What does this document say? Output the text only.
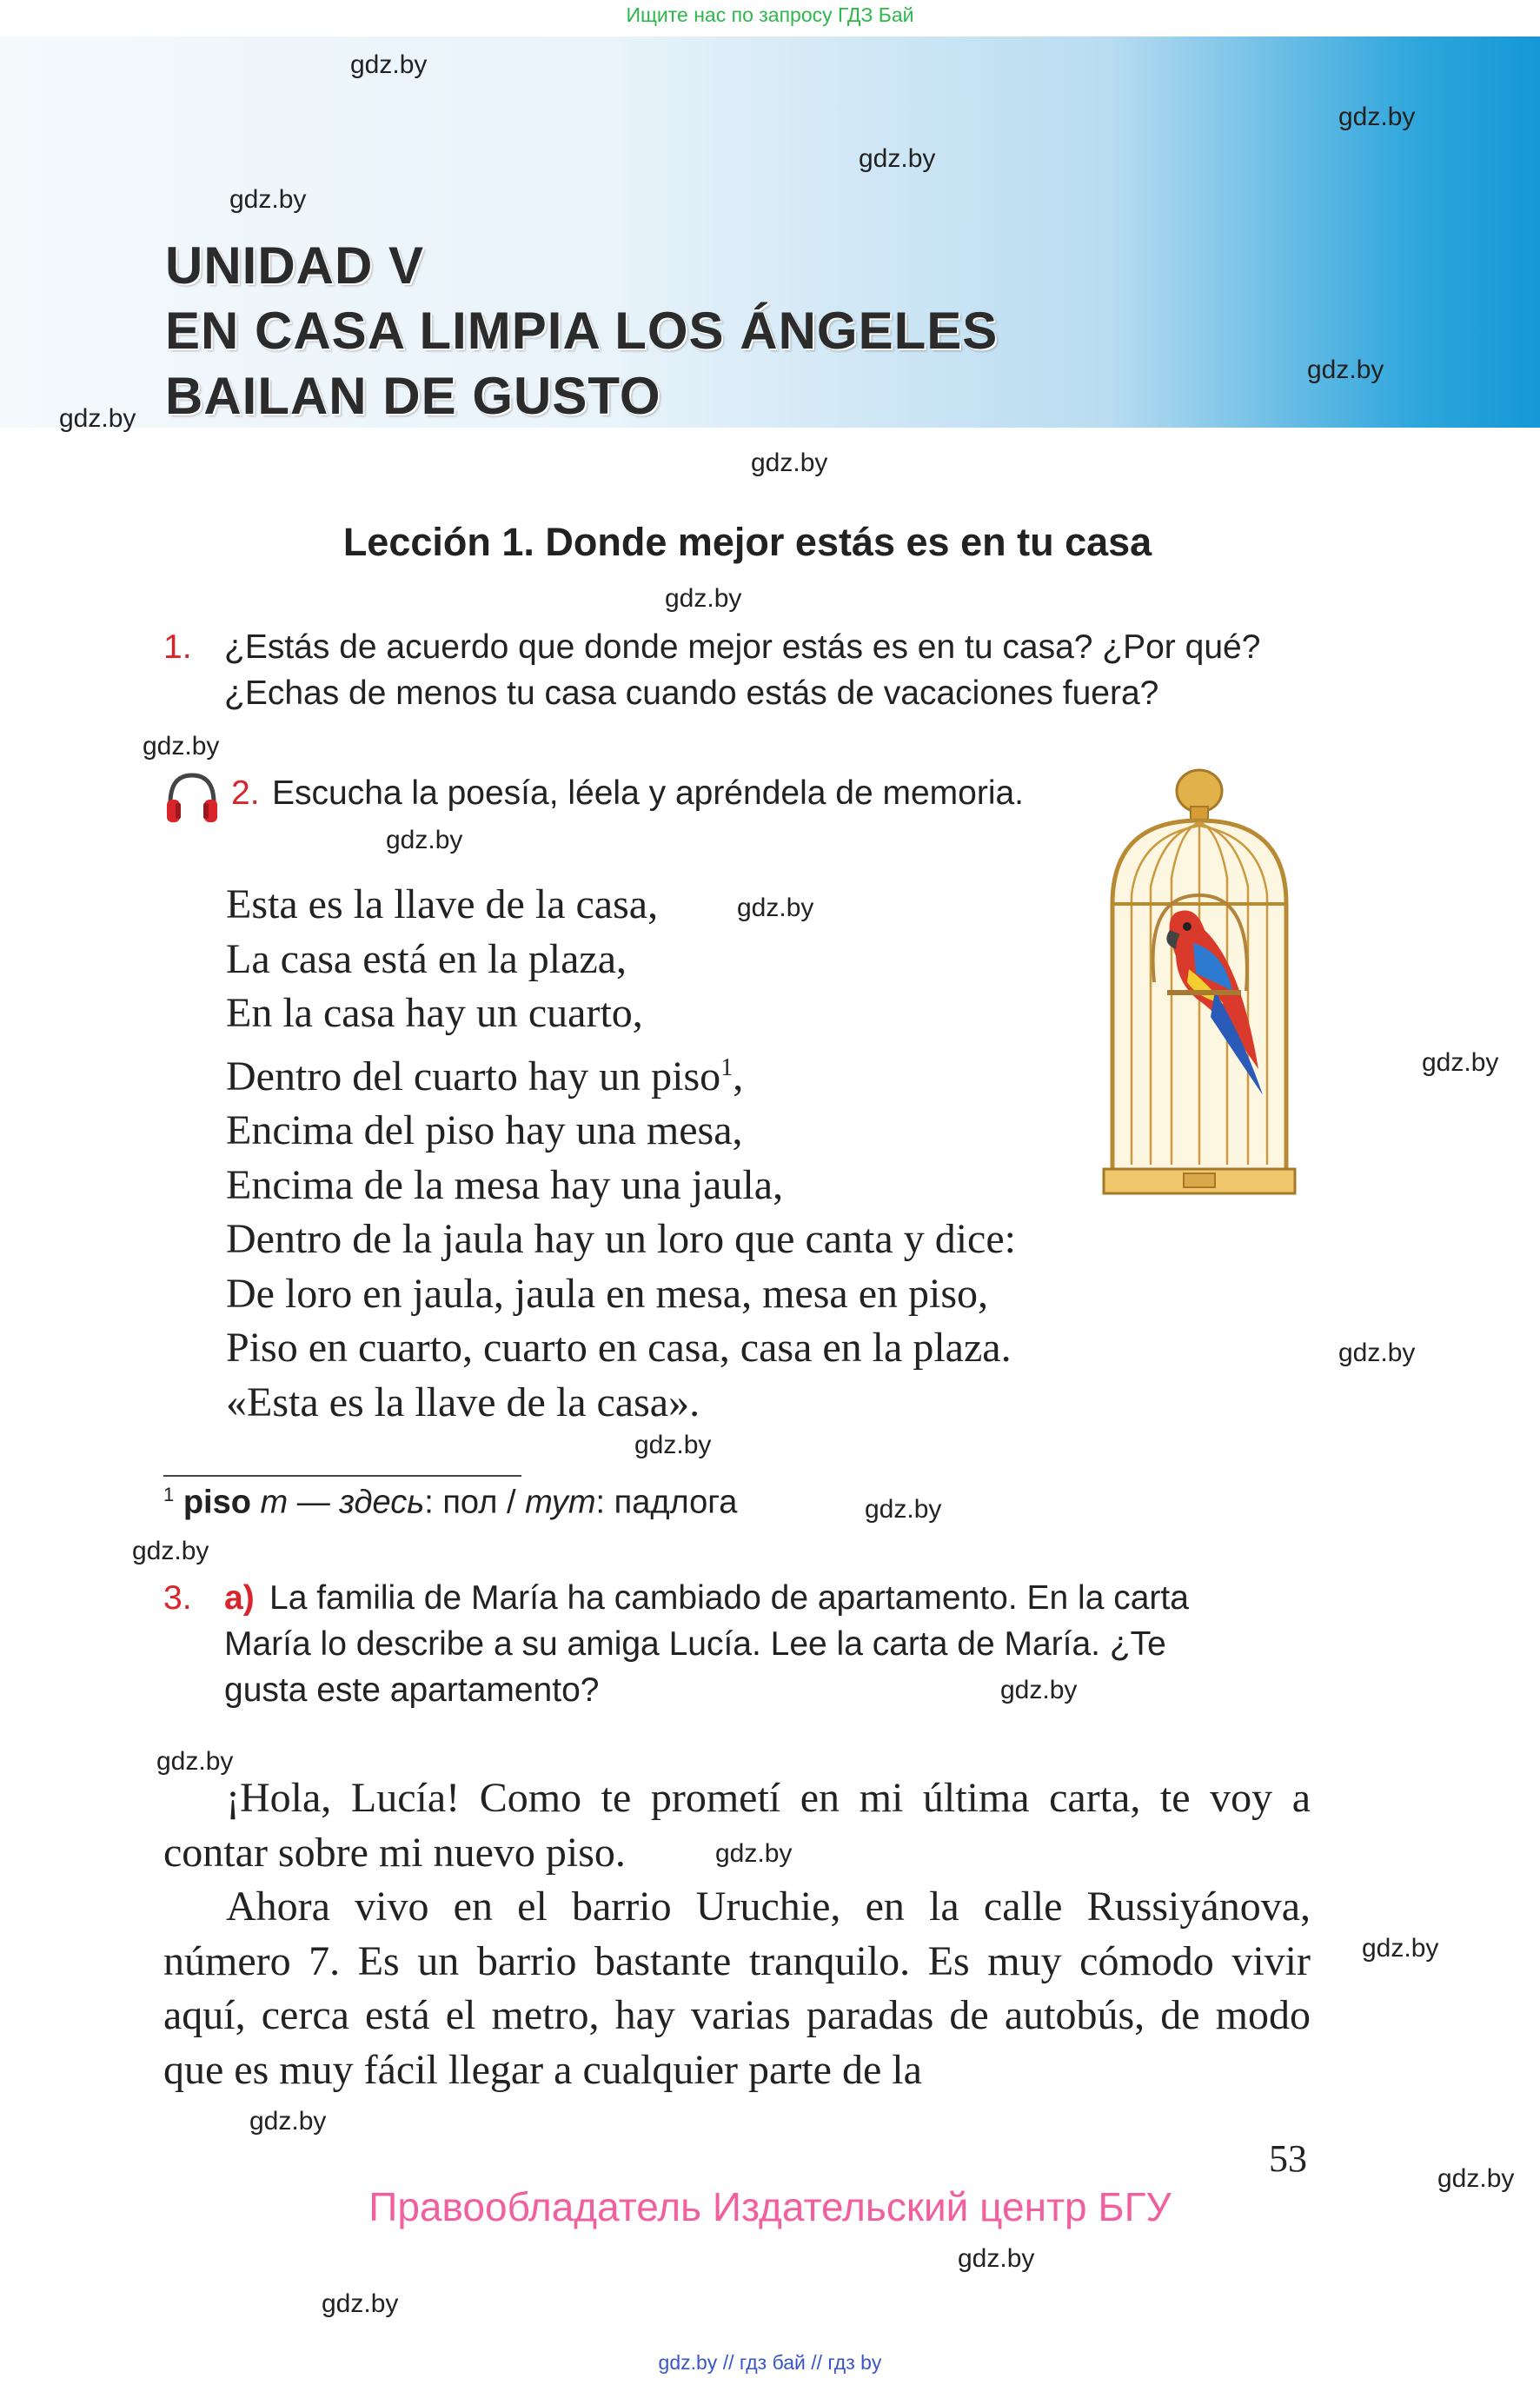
Ищите нас по запросу ГДЗ Бай
UNIDAD V
EN CASA LIMPIA LOS ÁNGELES
BAILAN DE GUSTO
gdz.by
gdz.by
gdz.by
gdz.by
gdz.by
gdz.by
gdz.by
gdz.by
gdz.by
gdz.by
gdz.by
gdz.by
gdz.by
gdz.by
gdz.by
gdz.by
gdz.by
gdz.by
gdz.by
gdz.by
gdz.by
gdz.by
gdz.by
gdz.by
Lección 1. Donde mejor estás es en tu casa
1. ¿Estás de acuerdo que donde mejor estás es en tu casa? ¿Por qué?
¿Echas de menos tu casa cuando estás de vacaciones fuera?
2. Escucha la poesía, léela y apréndela de memoria.
Esta es la llave de la casa,
La casa está en la plaza,
En la casa hay un cuarto,
Dentro del cuarto hay un piso$^1$,
Encima del piso hay una mesa,
Encima de la mesa hay una jaula,
Dentro de la jaula hay un loro que canta y dice:
De loro en jaula, jaula en mesa, mesa en piso,
Piso en cuarto, cuarto en casa, casa en la plaza.
«Esta es la llave de la casa».
$^1$ piso m — здесь: пол / тут: падлога
3. a) La familia de María ha cambiado de apartamento. En la carta
María lo describe a su amiga Lucía. Lee la carta de María. ¿Te
gusta este apartamento?

¡Hola, Lucía! Como te prometí en mi última carta, te voy a contar sobre mi nuevo piso.

Ahora vivo en el barrio Uruchie, en la calle Russiyánova, número 7. Es un barrio bastante tranquilo. Es muy cómodo vivir aquí, cerca está el metro, hay varias paradas de autobús, de modo que es muy fácil llegar a cualquier parte de la

53
Правообладатель Издательский центр БГУ
gdz.by // гдз бай // гдз by
